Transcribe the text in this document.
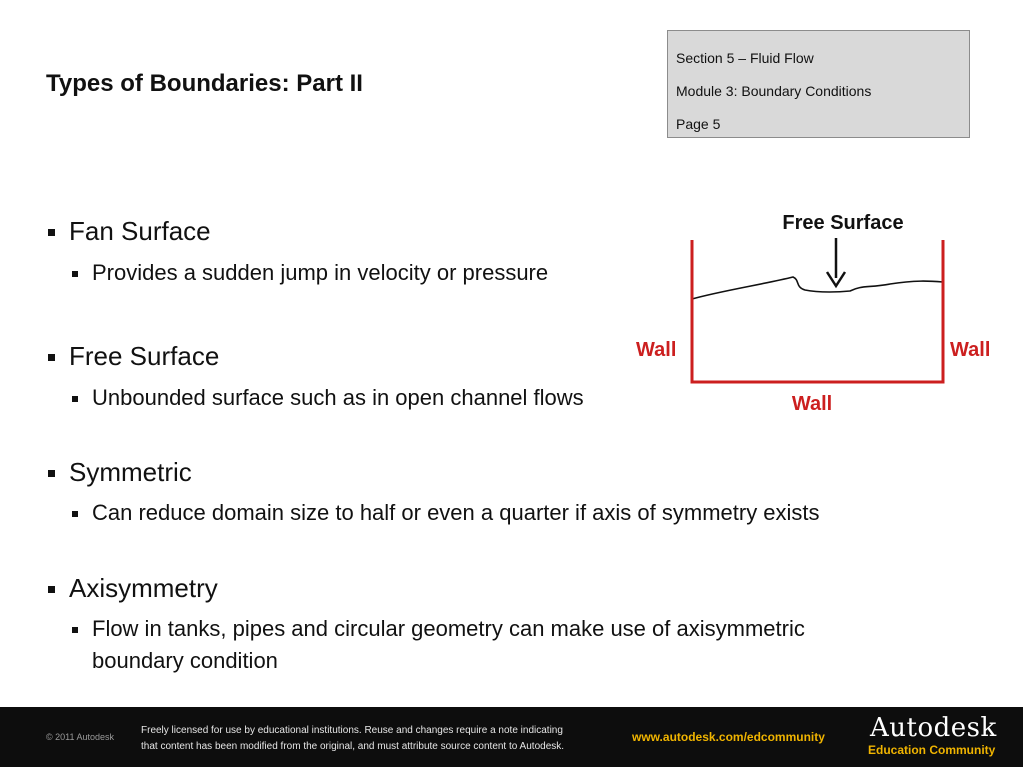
Types of Boundaries: Part II
Section 5 – Fluid Flow
Module 3: Boundary Conditions
Page 5
Fan Surface
Provides a sudden jump in velocity or pressure
Free Surface
Unbounded surface such as in open channel flows
Symmetric
Can reduce domain size to half or even a quarter if axis of symmetry exists
Axisymmetry
Flow in tanks, pipes and circular geometry can make use of axisymmetric
boundary condition
Free Surface
Wall	Wall
Wall
© 2011 Autodesk
Freely licensed for use by educational institutions. Reuse and changes require a note indicating
that content has been modified from the original, and must attribute source content to Autodesk.
www.autodesk.com/edcommunity Autodesk
Education Community
